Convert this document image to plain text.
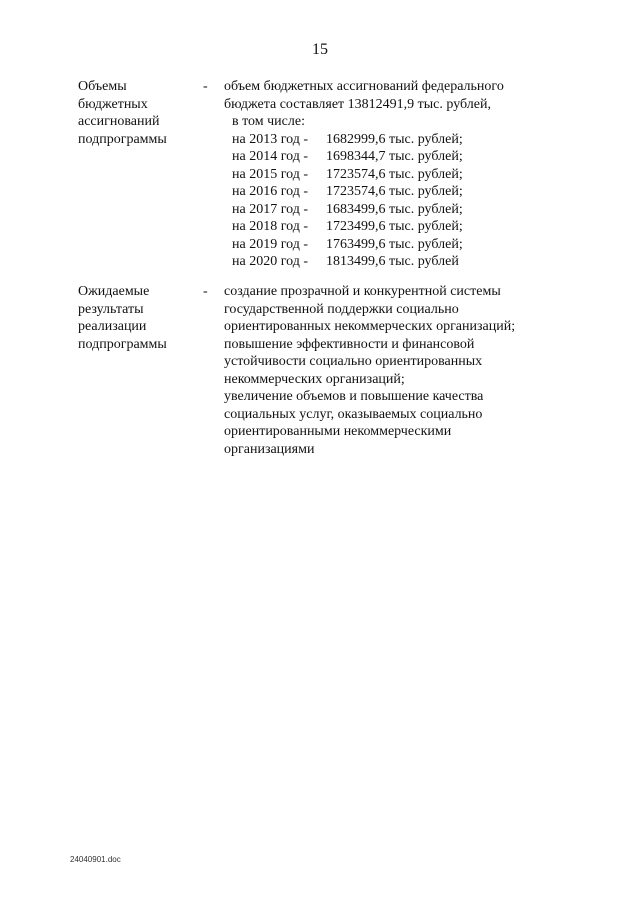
15
Объемы
бюджетных
ассигнований
подпрограммы
- объем бюджетных ассигнований федерального
бюджета составляет 13812491,9 тыс. рублей,
в том числе:
на 2013 год - 1682999,6 тыс. рублей;
на 2014 год - 1698344,7 тыс. рублей;
на 2015 год - 1723574,6 тыс. рублей;
на 2016 год - 1723574,6 тыс. рублей;
на 2017 год - 1683499,6 тыс. рублей;
на 2018 год - 1723499,6 тыс. рублей;
на 2019 год - 1763499,6 тыс. рублей;
на 2020 год - 1813499,6 тыс. рублей
Ожидаемые
результаты
реализации
подпрограммы
- создание прозрачной и конкурентной системы
государственной поддержки социально
ориентированных некоммерческих организаций;
повышение эффективности и финансовой
устойчивости социально ориентированных
некоммерческих организаций;
увеличение объемов и повышение качества
социальных услуг, оказываемых социально
ориентированными некоммерческими
организациями
24040901.doc
